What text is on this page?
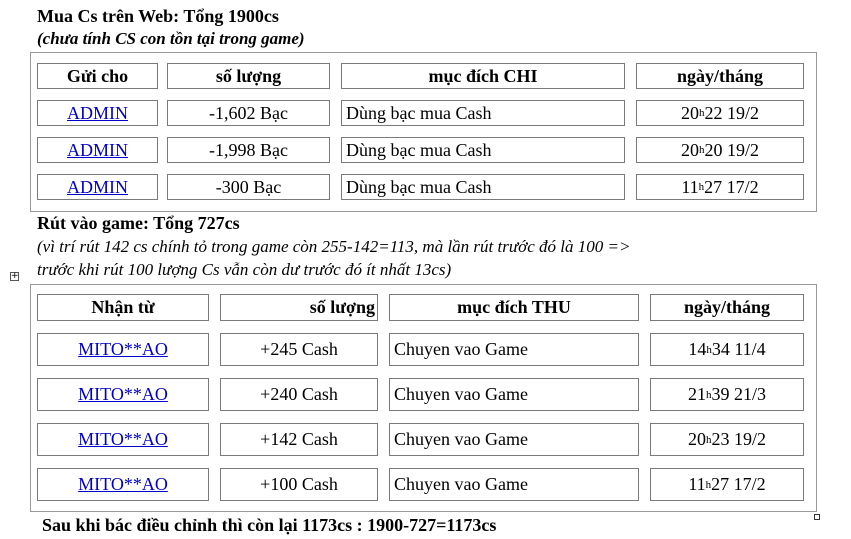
Mua Cs trên Web: Tổng 1900cs
(chưa tính CS con tồn tại trong game)
Gửi cho	số lượng	mục đích CHI	ngày/tháng
ADMIN	-1,602 Bạc	Dùng bạc mua Cash	20 h 22 19/2
ADMIN	-1,998 Bạc	Dùng bạc mua Cash	20 h 20 19/2
ADMIN	-300 Bạc	Dùng bạc mua Cash	11 h 27 17/2
Rút vào game: Tổng 727cs
(vì trí rút 142 cs chính tỏ trong game còn 255-142=113, mà lần rút trước đó là 100 =>
trước khi rút 100 lượng Cs vẫn còn dư trước đó ít nhất 13cs)
+
Nhận từ	số lượng	mục đích THU	ngày/tháng
MITO**AO	+245 Cash	Chuyen vao Game	14 h 34 11/4
MITO**AO	+240 Cash	Chuyen vao Game	21 h 39 21/3
MITO**AO	+142 Cash	Chuyen vao Game	20 h 23 19/2
MITO**AO	+100 Cash	Chuyen vao Game	11 h 27 17/2
Sau khi bác điều chỉnh thì còn lại 1173cs : 1900-727=1173cs
